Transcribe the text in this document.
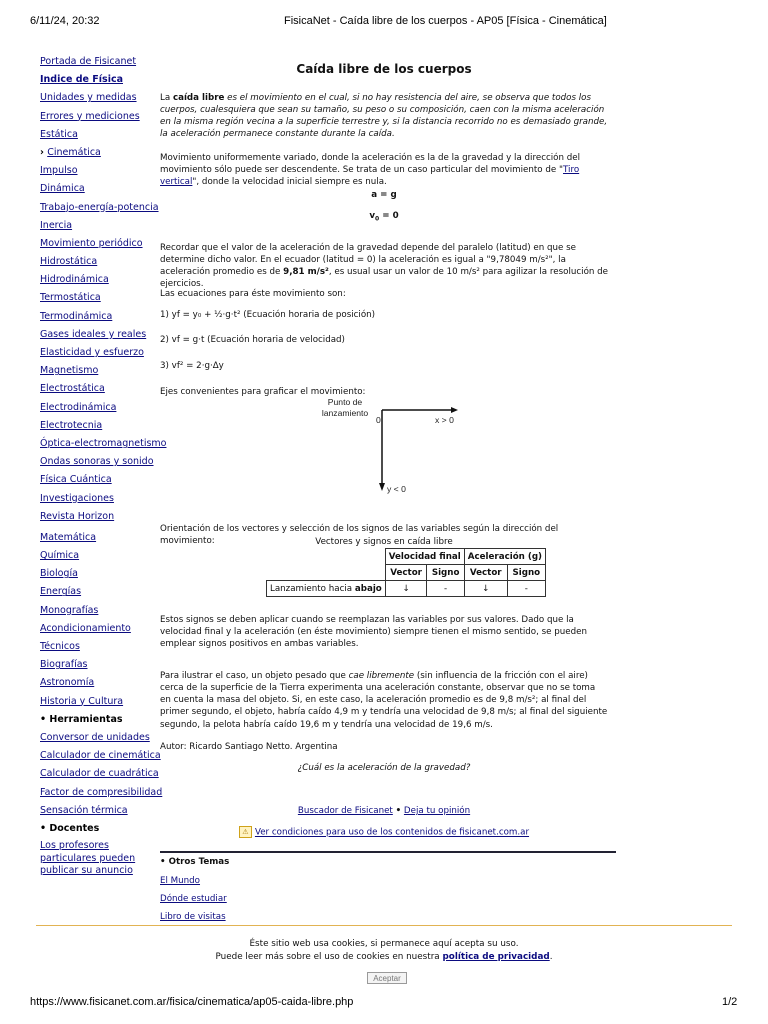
6/11/24, 20:32	FisicaNet - Caída libre de los cuerpos - AP05 [Física - Cinemática]
Portada de Fisicanet
Indice de Física
Unidades y medidas
Errores y mediciones
Estática
› Cinemática
Impulso
Dinámica
Trabajo-energía-potencia
Inercia
Movimiento periódico
Hidrostática
Hidrodinámica
Termostática
Termodinámica
Gases ideales y reales
Elasticidad y esfuerzo
Magnetismo
Electrostática
Electrodinámica
Electrotecnia
Óptica-electromagnetismo
Ondas sonoras y sonido
Física Cuántica
Investigaciones
Revista Horizon
Matemática
Química
Biología
Energías
Monografías
Acondicionamiento
Técnicos
Biografías
Astronomía
Historia y Cultura
• Herramientas
Conversor de unidades
Calculador de cinemática
Calculador de cuadrática
Factor de compresibilidad
Sensación térmica
• Docentes
Los profesores particulares pueden publicar su anuncio
Caída libre de los cuerpos

La caída libre es el movimiento en el cual, si no hay resistencia del aire, se observa que todos los cuerpos, cualesquiera que sean su tamaño, su peso o su composición, caen con la misma aceleración en la misma región vecina a la superficie terrestre y, si la distancia recorrido no es demasiado grande, la aceleración permanece constante durante la caída.

Movimiento uniformemente variado, donde la aceleración es la de la gravedad y la dirección del movimiento sólo puede ser descendente. Se trata de un caso particular del movimiento de "Tiro vertical", donde la velocidad inicial siempre es nula.

a = g
$v_0 = 0$

Recordar que el valor de la aceleración de la gravedad depende del paralelo (latitud) en que se determine dicho valor. En el ecuador (latitud = 0) la aceleración es igual a "9,78049 m/s²", la aceleración promedio es de 9,81 m/s², es usual usar un valor de 10 m/s² para agilizar la resolución de ejercicios.

Las ecuaciones para éste movimiento son:

1) yf = y₀ + ½·g·t² (Ecuación horaria de posición)

2) vf = g·t (Ecuación horaria de velocidad)

3) vf² = 2·g·Δy

Ejes convenientes para graficar el movimiento:

Punto de lanzamiento
0	x > 0
y < 0

Orientación de los vectores y selección de los signos de las variables según la dirección del movimiento:	Vectores y signos en caída libre
	Velocidad final		Aceleración (g)	
	Vector	Signo	Vector	Signo
Lanzamiento hacia abajo	↓	-	↓	-

Estos signos se deben aplicar cuando se reemplazan las variables por sus valores. Dado que la velocidad final y la aceleración (en éste movimiento) siempre tienen el mismo sentido, se pueden emplear signos positivos en ambas variables.

Para ilustrar el caso, un objeto pesado que cae libremente (sin influencia de la fricción con el aire) cerca de la superficie de la Tierra experimenta una aceleración constante, observar que no se toma en cuenta la masa del objeto. Si, en este caso, la aceleración promedio es de 9,8 m/s²; al final del primer segundo, el objeto, habría caído 4,9 m y tendría una velocidad de 9,8 m/s; al final del siguiente segundo, la pelota habría caído 19,6 m y tendría una velocidad de 19,6 m/s.

Autor: Ricardo Santiago Netto. Argentina

¿Cuál es la aceleración de la gravedad?

Buscador de Fisicanet • Deja tu opinión
⚠ Ver condiciones para uso de los contenidos de fisicanet.com.ar
• Otros Temas
El Mundo
Dónde estudiar
Libro de visitas
Éste sitio web usa cookies, si permanece aquí acepta su uso.
Puede leer más sobre el uso de cookies en nuestra política de privacidad.
Aceptar
https://www.fisicanet.com.ar/fisica/cinematica/ap05-caida-libre.php	1/2
